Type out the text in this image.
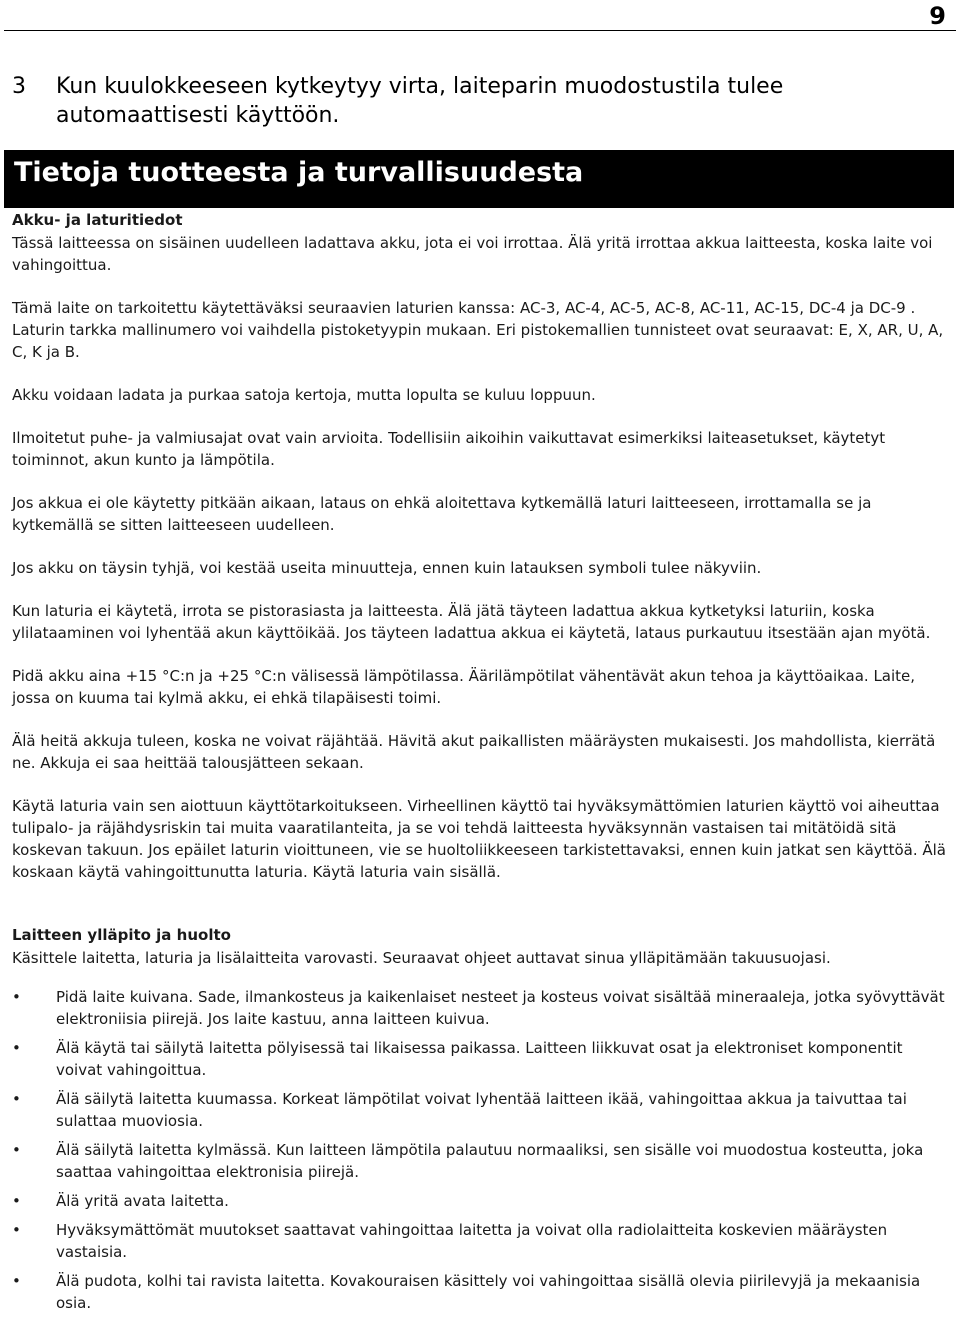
9
3	Kun kuulokkeeseen kytkeytyy virta, laiteparin muodostustila tulee automaattisesti käyttöön.
Tietoja tuotteesta ja turvallisuudesta
Akku- ja laturitiedot

Tässä laitteessa on sisäinen uudelleen ladattava akku, jota ei voi irrottaa. Älä yritä irrottaa akkua laitteesta, koska laite voi vahingoittua.

Tämä laite on tarkoitettu käytettäväksi seuraavien laturien kanssa: AC-3, AC-4, AC-5, AC-8, AC-11, AC-15, DC-4 ja DC-9 . Laturin tarkka mallinumero voi vaihdella pistoketyypin mukaan. Eri pistokemallien tunnisteet ovat seuraavat: E, X, AR, U, A, C, K ja B.

Akku voidaan ladata ja purkaa satoja kertoja, mutta lopulta se kuluu loppuun.

Ilmoitetut puhe- ja valmiusajat ovat vain arvioita. Todellisiin aikoihin vaikuttavat esimerkiksi laiteasetukset, käytetyt toiminnot, akun kunto ja lämpötila.

Jos akkua ei ole käytetty pitkään aikaan, lataus on ehkä aloitettava kytkemällä laturi laitteeseen, irrottamalla se ja kytkemällä se sitten laitteeseen uudelleen.

Jos akku on täysin tyhjä, voi kestää useita minuutteja, ennen kuin latauksen symboli tulee näkyviin.

Kun laturia ei käytetä, irrota se pistorasiasta ja laitteesta. Älä jätä täyteen ladattua akkua kytketyksi laturiin, koska ylilataaminen voi lyhentää akun käyttöikää. Jos täyteen ladattua akkua ei käytetä, lataus purkautuu itsestään ajan myötä.

Pidä akku aina +15 °C:n ja +25 °C:n välisessä lämpötilassa. Äärilämpötilat vähentävät akun tehoa ja käyttöaikaa. Laite, jossa on kuuma tai kylmä akku, ei ehkä tilapäisesti toimi.

Älä heitä akkuja tuleen, koska ne voivat räjähtää. Hävitä akut paikallisten määräysten mukaisesti. Jos mahdollista, kierrätä ne. Akkuja ei saa heittää talousjätteen sekaan.

Käytä laturia vain sen aiottuun käyttötarkoitukseen. Virheellinen käyttö tai hyväksymättömien laturien käyttö voi aiheuttaa tulipalo- ja räjähdysriskin tai muita vaaratilanteita, ja se voi tehdä laitteesta hyväksynnän vastaisen tai mitätöidä sitä koskevan takuun. Jos epäilet laturin vioittuneen, vie se huoltoliikkeeseen tarkistettavaksi, ennen kuin jatkat sen käyttöä. Älä koskaan käytä vahingoittunutta laturia. Käytä laturia vain sisällä.

Laitteen ylläpito ja huolto

Käsittele laitetta, laturia ja lisälaitteita varovasti. Seuraavat ohjeet auttavat sinua ylläpitämään takuusuojasi.

• Pidä laite kuivana. Sade, ilmankosteus ja kaikenlaiset nesteet ja kosteus voivat sisältää mineraaleja, jotka syövyttävät elektroniisia piirejä. Jos laite kastuu, anna laitteen kuivua.
• Älä käytä tai säilytä laitetta pölyisessä tai likaisessa paikassa. Laitteen liikkuvat osat ja elektroniset komponentit voivat vahingoittua.
• Älä säilytä laitetta kuumassa. Korkeat lämpötilat voivat lyhentää laitteen ikää, vahingoittaa akkua ja taivuttaa tai sulattaa muoviosia.
• Älä säilytä laitetta kylmässä. Kun laitteen lämpötila palautuu normaaliksi, sen sisälle voi muodostua kosteutta, joka saattaa vahingoittaa elektronisia piirejä.
• Älä yritä avata laitetta.
• Hyväksymättömät muutokset saattavat vahingoittaa laitetta ja voivat olla radiolaitteita koskevien määräysten vastaisia.
• Älä pudota, kolhi tai ravista laitetta. Kovakouraisen käsittely voi vahingoittaa sisällä olevia piirilevyjä ja mekaanisia osia.
